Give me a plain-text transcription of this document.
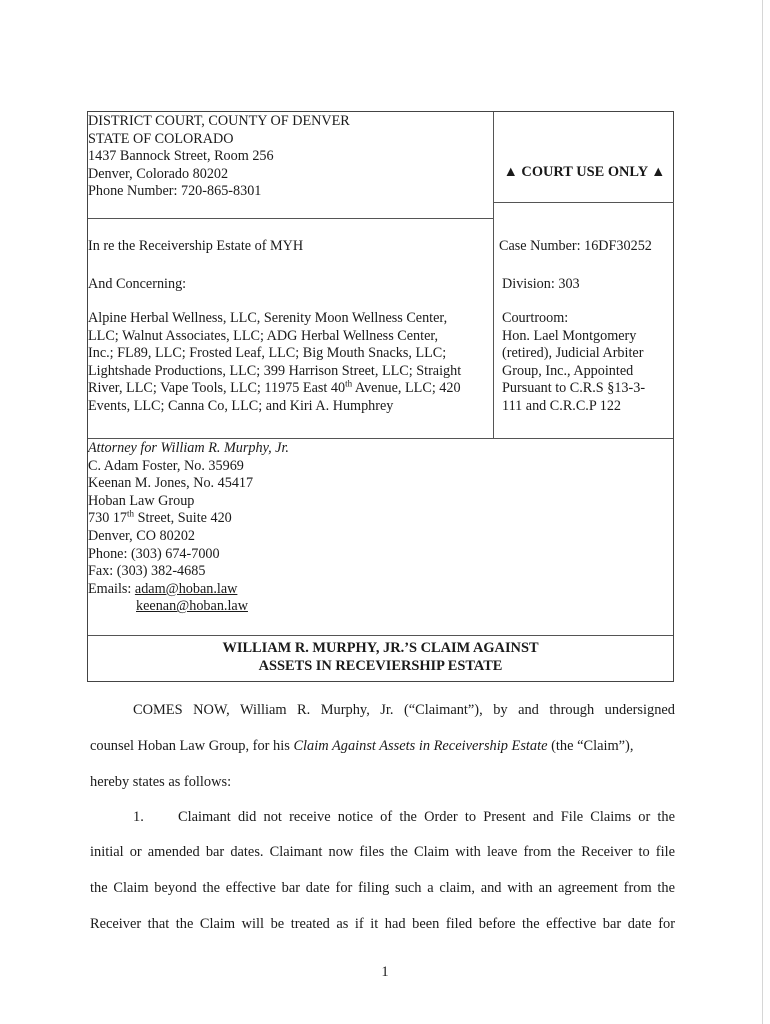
DISTRICT COURT, COUNTY OF DENVER
STATE OF COLORADO
1437 Bannock Street, Room 256
Denver, Colorado 80202
Phone Number: 720-865-8301
▲ COURT USE ONLY ▲
In re the Receivership Estate of MYH
And Concerning:
Alpine Herbal Wellness, LLC, Serenity Moon Wellness Center,
LLC; Walnut Associates, LLC; ADG Herbal Wellness Center,
Inc.; FL89, LLC; Frosted Leaf, LLC; Big Mouth Snacks, LLC;
Lightshade Productions, LLC; 399 Harrison Street, LLC; Straight
River, LLC; Vape Tools, LLC; 11975 East 40th Avenue, LLC; 420
Events, LLC; Canna Co, LLC; and Kiri A. Humphrey
Case Number: 16DF30252
Division: 303
Courtroom:
Hon. Lael Montgomery
(retired), Judicial Arbiter
Group, Inc., Appointed
Pursuant to C.R.S §13-3-
111 and C.R.C.P 122
Attorney for William R. Murphy, Jr.
C. Adam Foster, No. 35969
Keenan M. Jones, No. 45417
Hoban Law Group
730 17th Street, Suite 420
Denver, CO 80202
Phone: (303) 674-7000
Fax: (303) 382-4685
Emails: adam@hoban.law
keenan@hoban.law
WILLIAM R. MURPHY, JR.’S CLAIM AGAINST
ASSETS IN RECEVIERSHIP ESTATE
COMES NOW, William R. Murphy, Jr. (“Claimant”), by and through undersigned
counsel Hoban Law Group, for his Claim Against Assets in Receivership Estate (the “Claim”),
hereby states as follows:
1.	Claimant did not receive notice of the Order to Present and File Claims or the
initial or amended bar dates. Claimant now files the Claim with leave from the Receiver to file
the Claim beyond the effective bar date for filing such a claim, and with an agreement from the
Receiver that the Claim will be treated as if it had been filed before the effective bar date for
1
